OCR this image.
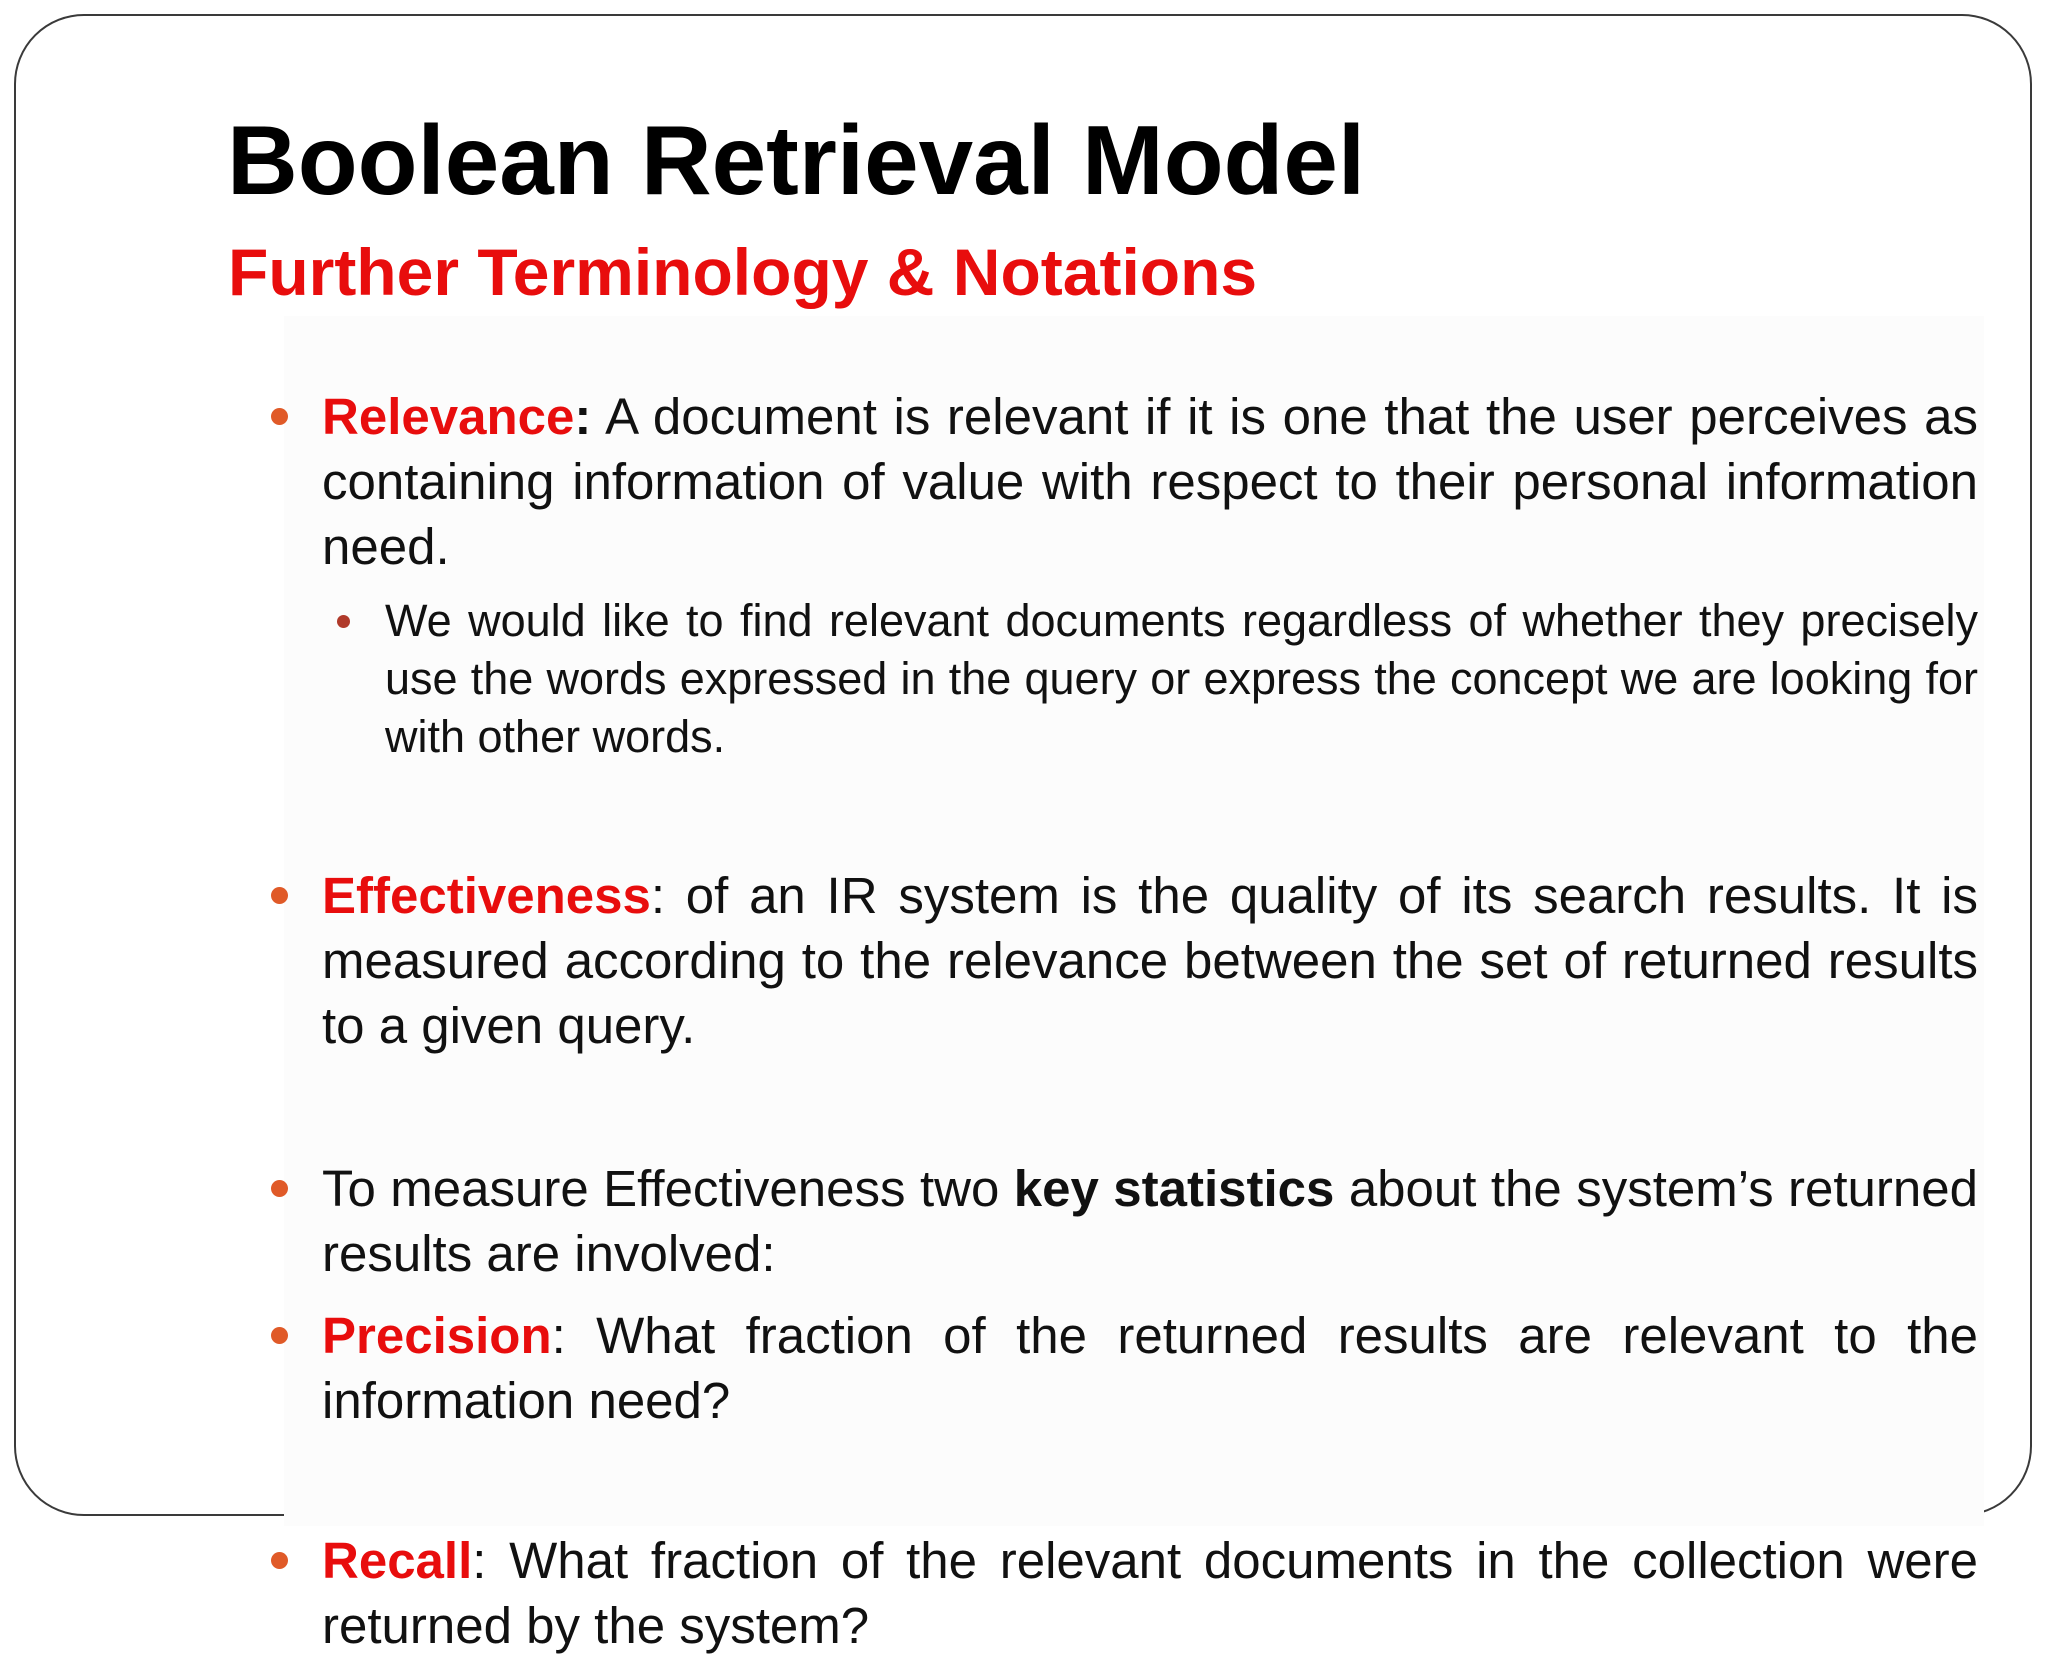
Boolean Retrieval Model
Further Terminology & Notations
Relevance: A document is relevant if it is one that the user perceives as containing information of value with respect to their personal information need.
We would like to find relevant documents regardless of whether they precisely use the words expressed in the query or express the concept we are looking for with other words.
Effectiveness: of an IR system is the quality of its search results. It is measured according to the relevance between the set of returned results to a given query.
To measure Effectiveness two key statistics about the system’s returned results are involved:
Precision: What fraction of the returned results are relevant to the information need?
Recall: What fraction of the relevant documents in the collection were returned by the system?
